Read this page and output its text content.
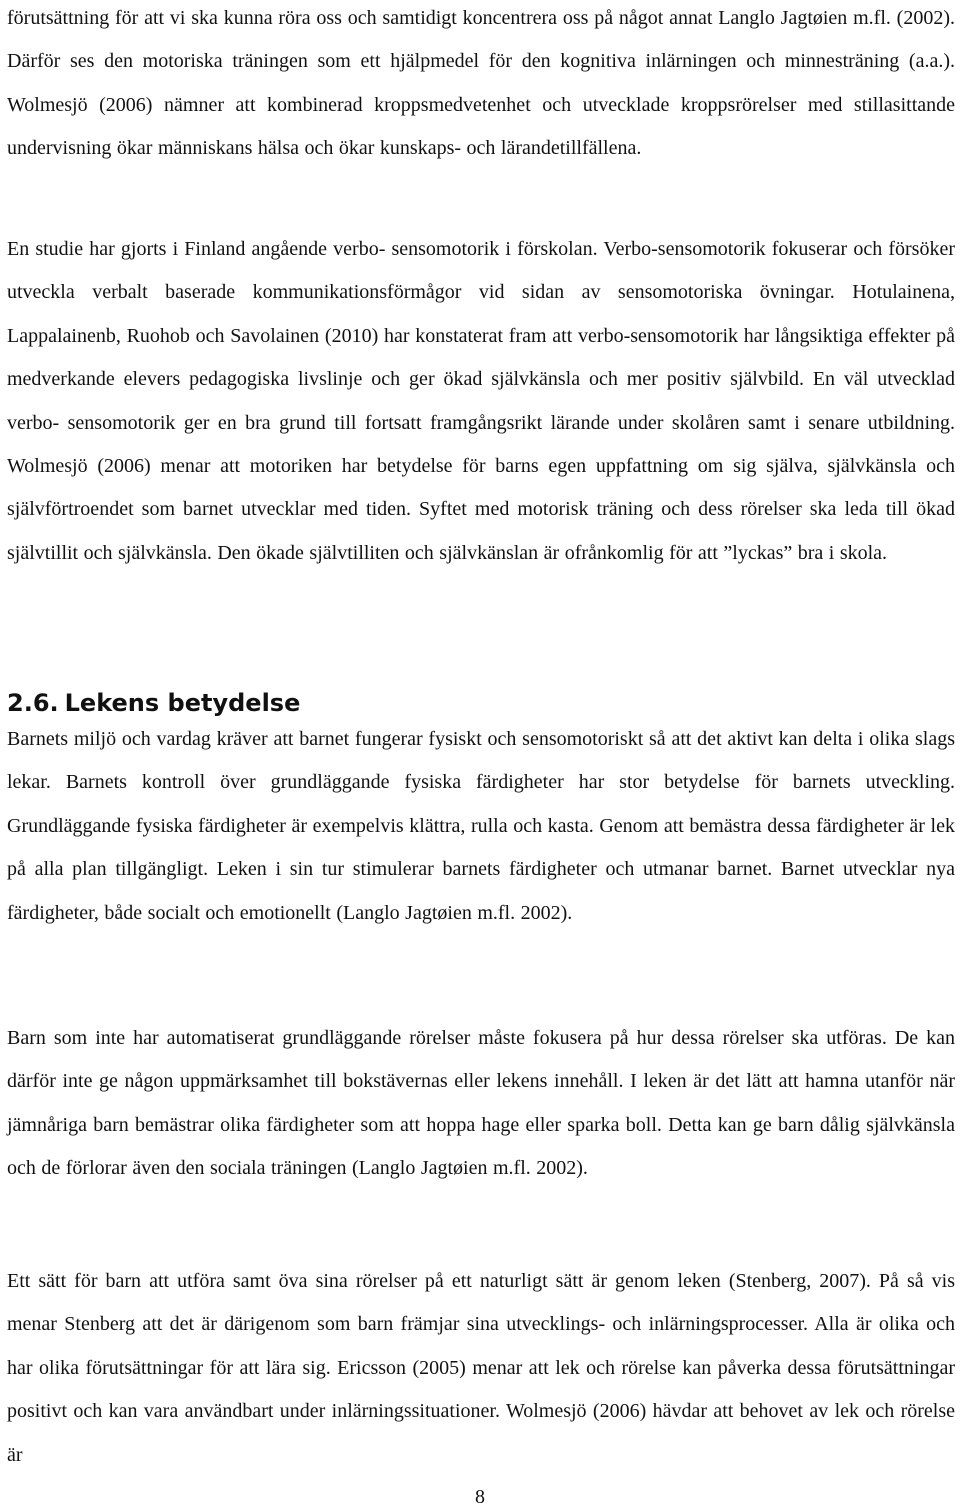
förutsättning för att vi ska kunna röra oss och samtidigt koncentrera oss på något annat Langlo Jagtøien m.fl. (2002). Därför ses den motoriska träningen som ett hjälpmedel för den kognitiva inlärningen och minnesträning (a.a.). Wolmesjö (2006) nämner att kombinerad kroppsmedvetenhet och utvecklade kroppsrörelser med stillasittande undervisning ökar människans hälsa och ökar kunskaps- och lärandetillfällena.

En studie har gjorts i Finland angående verbo- sensomotorik i förskolan. Verbo-sensomotorik fokuserar och försöker utveckla verbalt baserade kommunikationsförmågor vid sidan av sensomotoriska övningar. Hotulainena, Lappalainenb, Ruohob och Savolainen (2010) har konstaterat fram att verbo-sensomotorik har långsiktiga effekter på medverkande elevers pedagogiska livslinje och ger ökad självkänsla och mer positiv självbild. En väl utvecklad verbo- sensomotorik ger en bra grund till fortsatt framgångsrikt lärande under skolåren samt i senare utbildning. Wolmesjö (2006) menar att motoriken har betydelse för barns egen uppfattning om sig själva, självkänsla och självförtroendet som barnet utvecklar med tiden. Syftet med motorisk träning och dess rörelser ska leda till ökad självtillit och självkänsla. Den ökade självtilliten och självkänslan är ofrånkomlig för att ”lyckas” bra i skola.

2.6. Lekens betydelse

Barnets miljö och vardag kräver att barnet fungerar fysiskt och sensomotoriskt så att det aktivt kan delta i olika slags lekar. Barnets kontroll över grundläggande fysiska färdigheter har stor betydelse för barnets utveckling. Grundläggande fysiska färdigheter är exempelvis klättra, rulla och kasta. Genom att bemästra dessa färdigheter är lek på alla plan tillgängligt. Leken i sin tur stimulerar barnets färdigheter och utmanar barnet. Barnet utvecklar nya färdigheter, både socialt och emotionellt (Langlo Jagtøien m.fl. 2002).

Barn som inte har automatiserat grundläggande rörelser måste fokusera på hur dessa rörelser ska utföras. De kan därför inte ge någon uppmärksamhet till bokstävernas eller lekens innehåll. I leken är det lätt att hamna utanför när jämnåriga barn bemästrar olika färdigheter som att hoppa hage eller sparka boll. Detta kan ge barn dålig självkänsla och de förlorar även den sociala träningen (Langlo Jagtøien m.fl. 2002).

Ett sätt för barn att utföra samt öva sina rörelser på ett naturligt sätt är genom leken (Stenberg, 2007). På så vis menar Stenberg att det är därigenom som barn främjar sina utvecklings- och inlärningsprocesser. Alla är olika och har olika förutsättningar för att lära sig. Ericsson (2005) menar att lek och rörelse kan påverka dessa förutsättningar positivt och kan vara användbart under inlärningssituationer. Wolmesjö (2006) hävdar att behovet av lek och rörelse är

8
